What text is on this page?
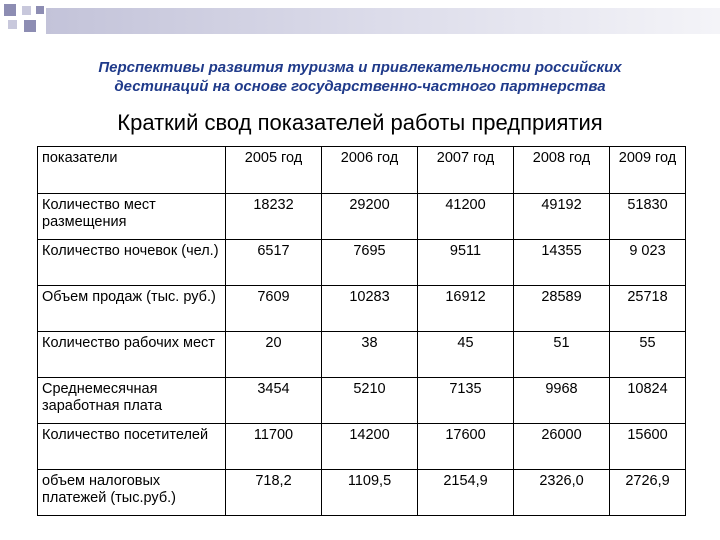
Перспективы развития туризма и привлекательности российских
дестинаций на основе государственно-частного партнерства
Краткий свод показателей работы предприятия
показатели	2005 год	2006 год	2007 год	2008 год	2009 год
Количество мест размещения	18232	29200	41200	49192	51830
Количество ночевок (чел.)	6517	7695	9511	14355	9 023
Объем продаж (тыс. руб.)	7609	10283	16912	28589	25718
Количество рабочих мест	20	38	45	51	55
Среднемесячная заработная плата	3454	5210	7135	9968	10824
Количество посетителей	11700	14200	17600	26000	15600
объем налоговых платежей (тыс.руб.)	718,2	1109,5	2154,9	2326,0	2726,9
